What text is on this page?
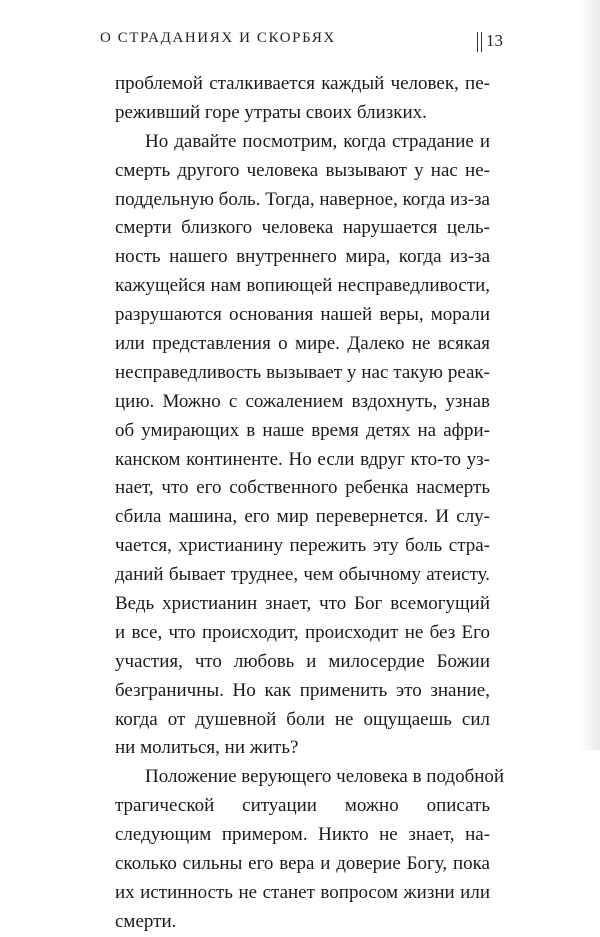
О СТРАДАНИЯХ И СКОРБЯХ	13
проблемой сталкивается каждый человек, пе-
реживший горе утраты своих близких.
Но давайте посмотрим, когда страдание и
смерть другого человека вызывают у нас не-
поддельную боль. Тогда, наверное, когда из-за
смерти близкого человека нарушается цель-
ность нашего внутреннего мира, когда из-за
кажущейся нам вопиющей несправедливости,
разрушаются основания нашей веры, морали
или представления о мире. Далеко не всякая
несправедливость вызывает у нас такую реак-
цию. Можно с сожалением вздохнуть, узнав
об умирающих в наше время детях на афри-
канском континенте. Но если вдруг кто-то уз-
нает, что его собственного ребенка насмерть
сбила машина, его мир перевернется. И слу-
чается, христианину пережить эту боль стра-
даний бывает труднее, чем обычному атеисту.
Ведь христианин знает, что Бог всемогущий
и все, что происходит, происходит не без Его
участия, что любовь и милосердие Божии
безграничны. Но как применить это знание,
когда от душевной боли не ощущаешь сил
ни молиться, ни жить?
Положение верующего человека в подобной
трагической ситуации можно описать
следующим примером. Никто не знает, на-
сколько сильны его вера и доверие Богу, пока
их истинность не станет вопросом жизни или
смерти.
